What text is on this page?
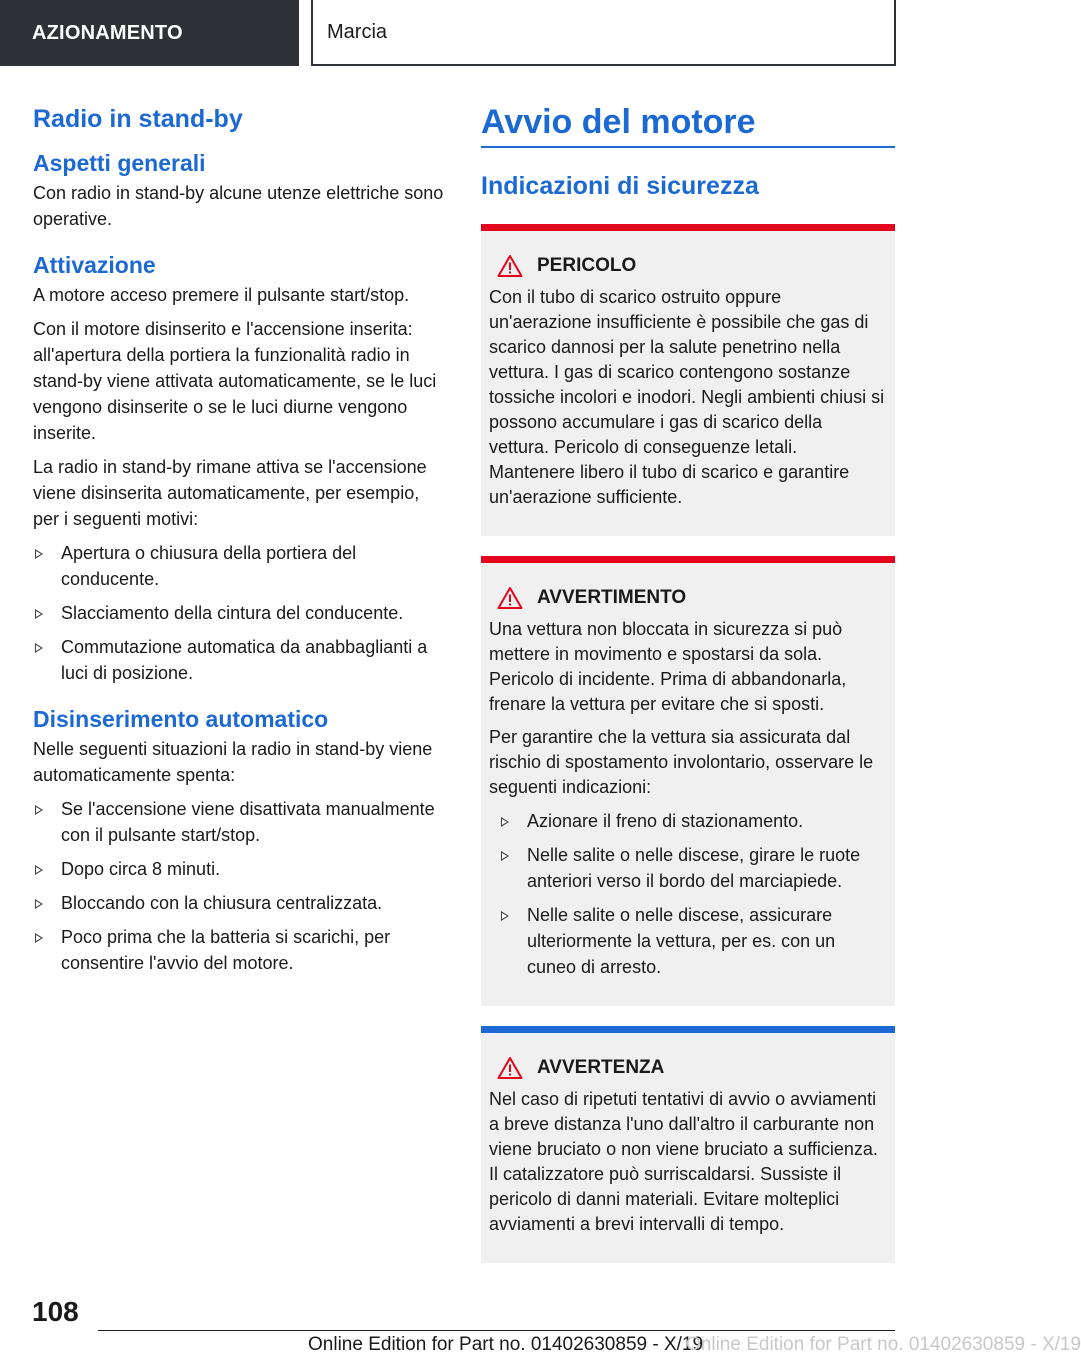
AZIONAMENTO	Marcia
Radio in stand-by
Aspetti generali

Con radio in stand-by alcune utenze elettriche sono operative.

Attivazione

A motore acceso premere il pulsante start/stop.

Con il motore disinserito e l'accensione inserita: all'apertura della portiera la funzionalità radio in stand-by viene attivata automaticamente, se le luci vengono disinserite o se le luci diurne vengono inserite.

La radio in stand-by rimane attiva se l'accensione viene disinserita automaticamente, per esempio, per i seguenti motivi:

Apertura o chiusura della portiera del conducente.
Slacciamento della cintura del conducente.
Commutazione automatica da anabbaglianti a luci di posizione.
Disinserimento automatico

Nelle seguenti situazioni la radio in stand-by viene automaticamente spenta:

Se l'accensione viene disattivata manualmente con il pulsante start/stop.
Dopo circa 8 minuti.
Bloccando con la chiusura centralizzata.
Poco prima che la batteria si scarichi, per consentire l'avvio del motore.
Avvio del motore
Indicazioni di sicurezza
PERICOLO

Con il tubo di scarico ostruito oppure un'aerazione insufficiente è possibile che gas di scarico dannosi per la salute penetrino nella vettura. I gas di scarico contengono sostanze tossiche incolori e inodori. Negli ambienti chiusi si possono accumulare i gas di scarico della vettura. Pericolo di conseguenze letali. Mantenere libero il tubo di scarico e garantire un'aerazione sufficiente.

AVVERTIMENTO

Una vettura non bloccata in sicurezza si può mettere in movimento e spostarsi da sola. Pericolo di incidente. Prima di abbandonarla, frenare la vettura per evitare che si sposti.

Per garantire che la vettura sia assicurata dal rischio di spostamento involontario, osservare le seguenti indicazioni:

Azionare il freno di stazionamento.
Nelle salite o nelle discese, girare le ruote anteriori verso il bordo del marciapiede.
Nelle salite o nelle discese, assicurare ulteriormente la vettura, per es. con un cuneo di arresto.
AVVERTENZA

Nel caso di ripetuti tentativi di avvio o avviamenti a breve distanza l'uno dall'altro il carburante non viene bruciato o non viene bruciato a sufficienza. Il catalizzatore può surriscaldarsi. Sussiste il pericolo di danni materiali. Evitare molteplici avviamenti a brevi intervalli di tempo.

108
Online Edition for Part no. 01402630859 - X/19
Online Edition for Part no. 01402630859 - X/19
